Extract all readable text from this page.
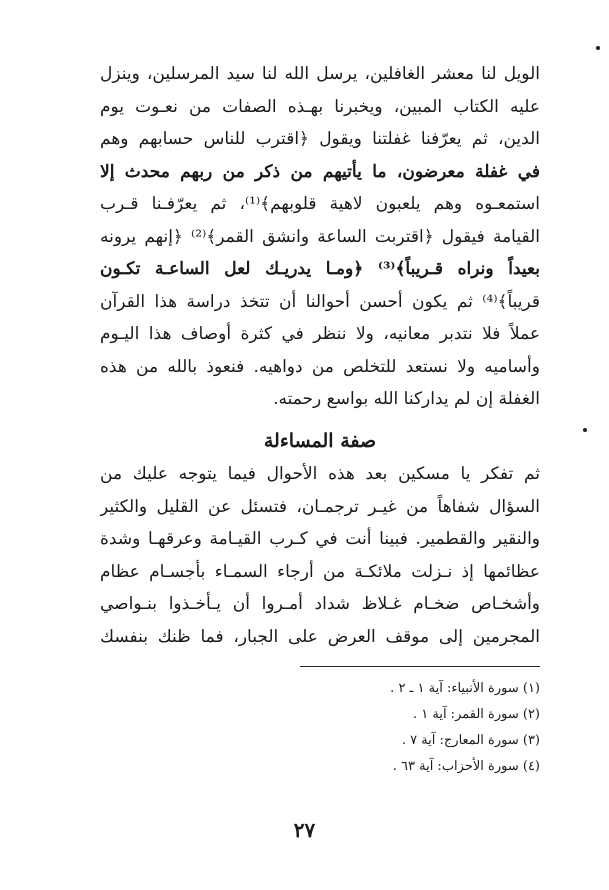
الويل لنا معشر الغافلين، يرسل الله لنا سيد المرسلين، وينزل
عليه الكتاب المبين، ويخبرنا بهـذه الصفات من نعـوت يوم
الدين، ثم يعرّفنا غفلتنا ويقول ﴿اقترب للناس حسابهم وهم
في غفلة معرضون، ما يأتيهم من ذكر من ربهم محدث إلا
استمعـوه وهم يلعبون لاهية قلوبهم﴾⁽¹⁾، ثم يعرّفـنا قـرب
القيامة فيقول ﴿اقتربت الساعة وانشق القمر﴾⁽²⁾ ﴿إنهم يرونه
بعيداً ونراه قـريباً﴾⁽³⁾ ﴿ومـا يدريـك لعل الساعـة تكـون
قريباً﴾⁽⁴⁾ ثم يكون أحسن أحوالنا أن تتخذ دراسة هذا القرآن
عملاً فلا نتدبر معانيه، ولا ننظر في كثرة أوصاف هذا اليـوم
وأساميه ولا نستعد للتخلص من دواهيه. فنعوذ بالله من هذه
الغفلة إن لم يداركنا الله بواسع رحمته.
صفة المساءلة
ثم تفكر يا مسكين بعد هذه الأحوال فيما يتوجه عليك من
السؤال شفاهاً من غيـر ترجمـان، فتسئل عن القليل والكثير
والنقير والقطمير. فبينا أنت في كـرب القيـامة وعرقهـا وشدة
عظائمها إذ نـزلت ملائكـة من أرجاء السمـاء بأجسـام عظام
وأشخـاص ضخـام غـلاظ شداد أمـروا أن يـأخـذوا بنـواصي
المجرمين إلى موقف العرض على الجبار، فما ظنك بنفسك
(١) سورة الأنبياء: آية ١ ـ ٢ .
(٢) سورة القمر: آية ١ .
(٣) سورة المعارج: آية ٧ .
(٤) سورة الأحزاب: آية ٦٣ .
٢٧
